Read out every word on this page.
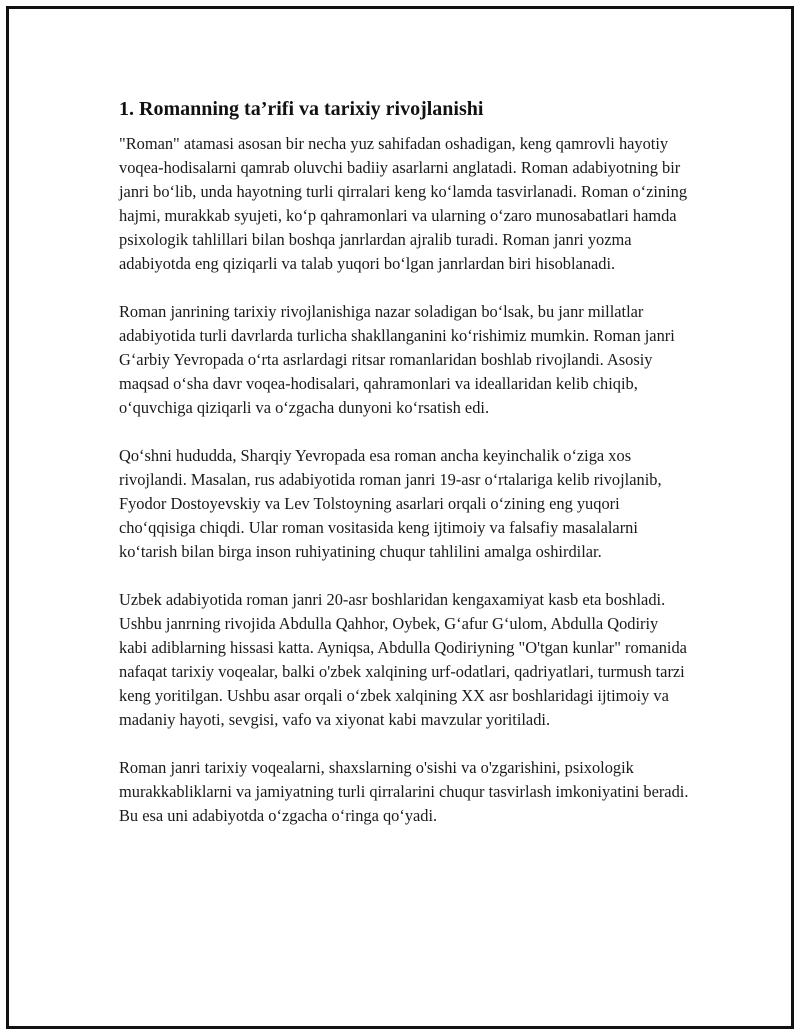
1. Romanning ta’rifi va tarixiy rivojlanishi

"Roman" atamasi asosan bir necha yuz sahifadan oshadigan, keng qamrovli hayotiy voqea-hodisalarni qamrab oluvchi badiiy asarlarni anglatadi. Roman adabiyotning bir janri bo‘lib, unda hayotning turli qirralari keng ko‘lamda tasvirlanadi. Roman o‘zining hajmi, murakkab syujeti, ko‘p qahramonlari va ularning o‘zaro munosabatlari hamda psixologik tahlillari bilan boshqa janrlardan ajralib turadi. Roman janri yozma adabiyotda eng qiziqarli va talab yuqori bo‘lgan janrlardan biri hisoblanadi.

Roman janrining tarixiy rivojlanishiga nazar soladigan bo‘lsak, bu janr millatlar adabiyotida turli davrlarda turlicha shakllanganini ko‘rishimiz mumkin. Roman janri G‘arbiy Yevropada o‘rta asrlardagi ritsar romanlaridan boshlab rivojlandi. Asosiy maqsad o‘sha davr voqea-hodisalari, qahramonlari va ideallaridan kelib chiqib, o‘quvchiga qiziqarli va o‘zgacha dunyoni ko‘rsatish edi.

Qo‘shni hududda, Sharqiy Yevropada esa roman ancha keyinchalik o‘ziga xos rivojlandi. Masalan, rus adabiyotida roman janri 19-asr o‘rtalariga kelib rivojlanib, Fyodor Dostoyevskiy va Lev Tolstoyning asarlari orqali o‘zining eng yuqori cho‘qqisiga chiqdi. Ular roman vositasida keng ijtimoiy va falsafiy masalalarni ko‘tarish bilan birga inson ruhiyatining chuqur tahlilini amalga oshirdilar.

Uzbek adabiyotida roman janri 20-asr boshlaridan kengaxamiyat kasb eta boshladi. Ushbu janrning rivojida Abdulla Qahhor, Oybek, G‘afur G‘ulom, Abdulla Qodiriy kabi adiblarning hissasi katta. Ayniqsa, Abdulla Qodiriyning "O'tgan kunlar" romanida nafaqat tarixiy voqealar, balki o'zbek xalqining urf-odatlari, qadriyatlari, turmush tarzi keng yoritilgan. Ushbu asar orqali o‘zbek xalqining XX asr boshlaridagi ijtimoiy va madaniy hayoti, sevgisi, vafo va xiyonat kabi mavzular yoritiladi.

Roman janri tarixiy voqealarni, shaxslarning o'sishi va o'zgarishini, psixologik murakkabliklarni va jamiyatning turli qirralarini chuqur tasvirlash imkoniyatini beradi. Bu esa uni adabiyotda o‘zgacha o‘ringa qo‘yadi.
